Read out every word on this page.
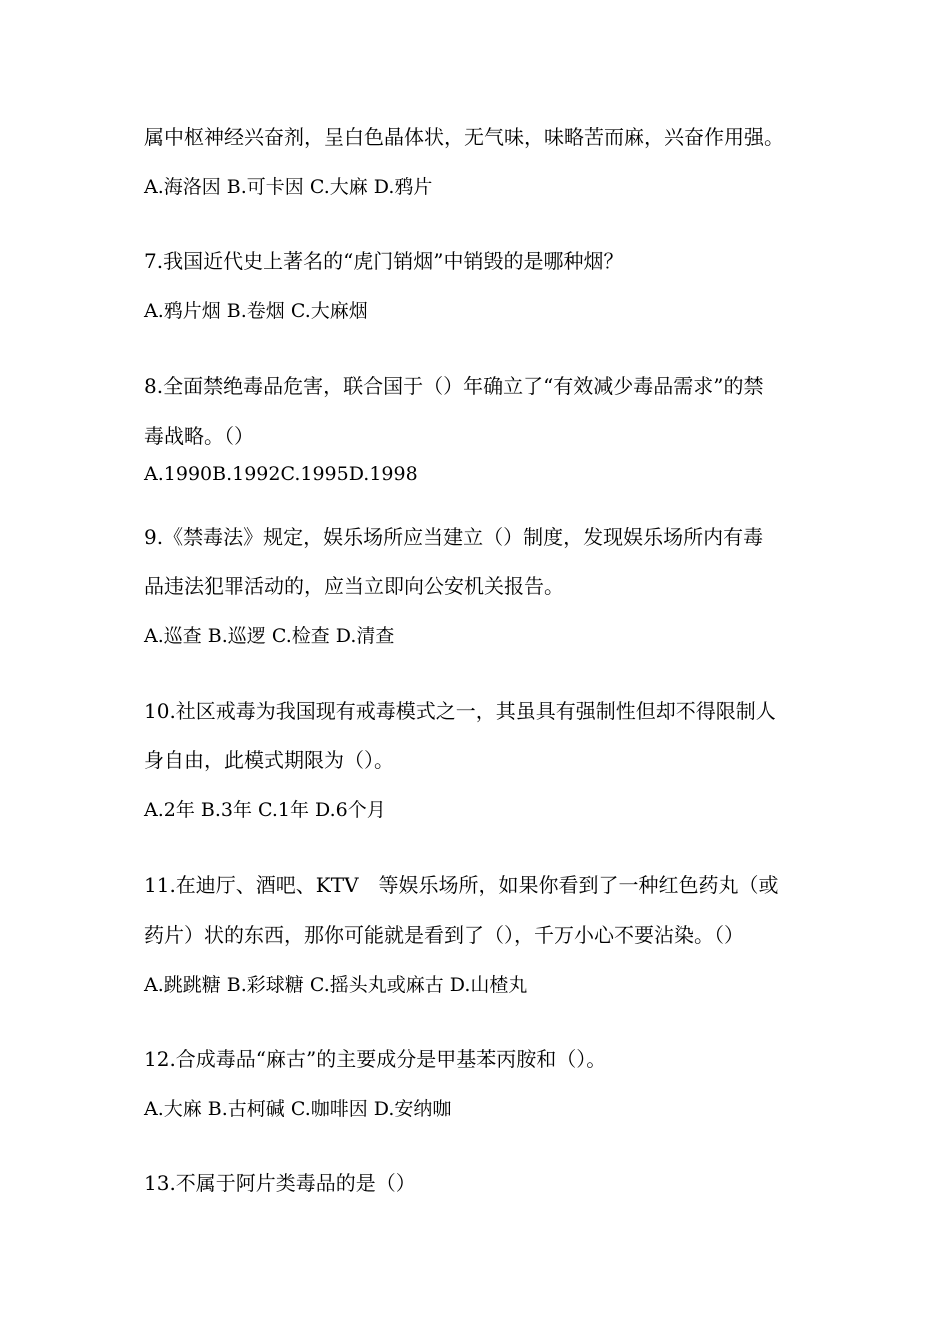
属中枢神经兴奋剂，呈白色晶体状，无气味，味略苦而麻，兴奋作用强。
A.海洛因 B.可卡因 C.大麻 D.鸦片
7.我国近代史上著名的“虎门销烟”中销毁的是哪种烟？
A.鸦片烟 B.卷烟 C.大麻烟
8.全面禁绝毒品危害，联合国于（）年确立了“有效减少毒品需求”的禁
毒战略。（）
A.1990B.1992C.1995D.1998
9.《禁毒法》规定，娱乐场所应当建立（）制度，发现娱乐场所内有毒
品违法犯罪活动的，应当立即向公安机关报告。
A.巡查 B.巡逻 C.检查 D.清查
10.社区戒毒为我国现有戒毒模式之一，其虽具有强制性但却不得限制人
身自由，此模式期限为（）。
A.2年 B.3年 C.1年 D.6个月
11.在迪厅、酒吧、KTV　等娱乐场所，如果你看到了一种红色药丸（或
药片）状的东西，那你可能就是看到了（），千万小心不要沾染。（）
A.跳跳糖 B.彩球糖 C.摇头丸或麻古 D.山楂丸
12.合成毒品“麻古”的主要成分是甲基苯丙胺和（）。
A.大麻 B.古柯碱 C.咖啡因 D.安纳咖
13.不属于阿片类毒品的是（）
